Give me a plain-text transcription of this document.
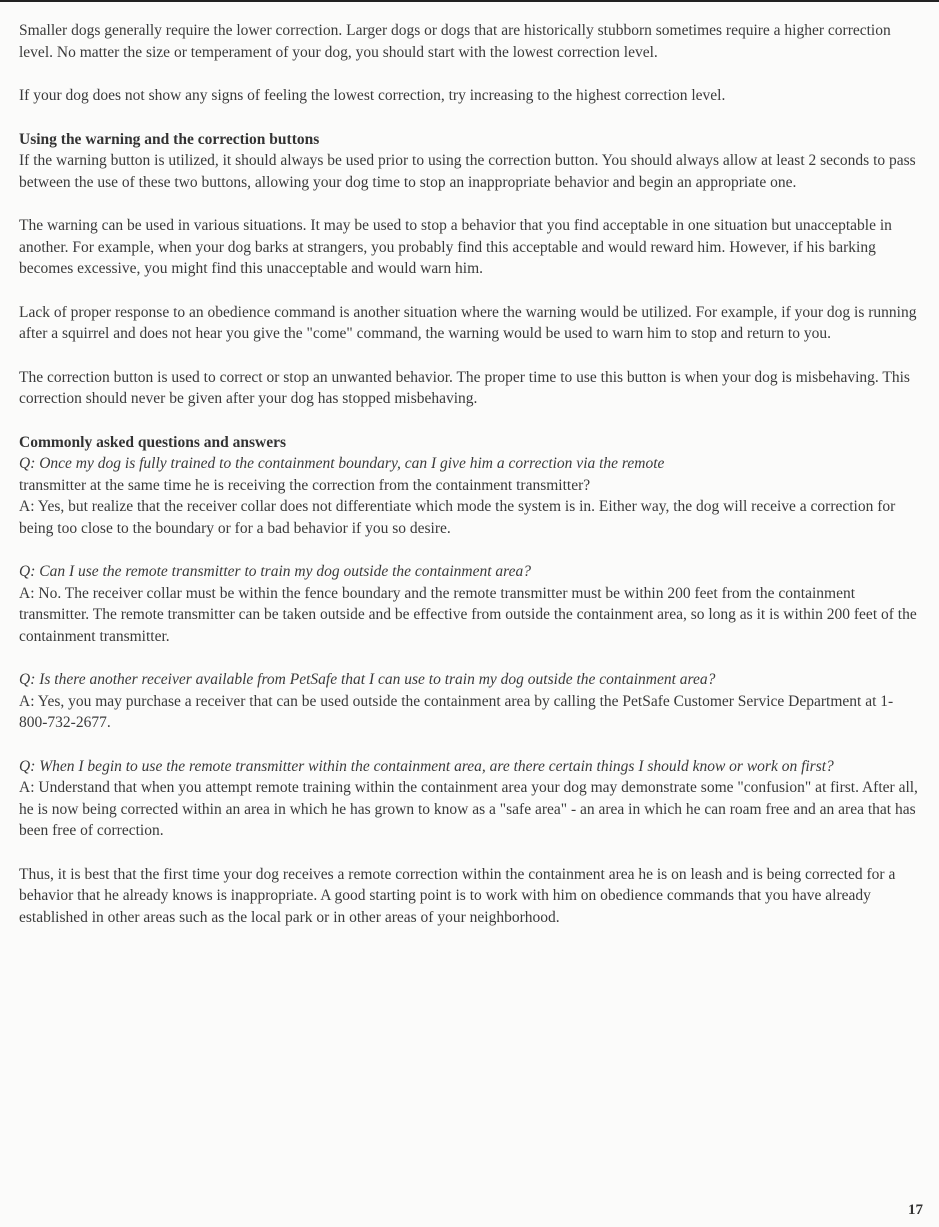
Smaller dogs generally require the lower correction. Larger dogs or dogs that are historically stubborn sometimes require a higher correction level. No matter the size or temperament of your dog, you should start with the lowest correction level.

If your dog does not show any signs of feeling the lowest correction, try increasing to the highest correction level.

Using the warning and the correction buttons

If the warning button is utilized, it should always be used prior to using the correction button. You should always allow at least 2 seconds to pass between the use of these two buttons, allowing your dog time to stop an inappropriate behavior and begin an appropriate one.

The warning can be used in various situations. It may be used to stop a behavior that you find acceptable in one situation but unacceptable in another. For example, when your dog barks at strangers, you probably find this acceptable and would reward him. However, if his barking becomes excessive, you might find this unacceptable and would warn him.

Lack of proper response to an obedience command is another situation where the warning would be utilized. For example, if your dog is running after a squirrel and does not hear you give the "come" command, the warning would be used to warn him to stop and return to you.

The correction button is used to correct or stop an unwanted behavior. The proper time to use this button is when your dog is misbehaving. This correction should never be given after your dog has stopped misbehaving.

Commonly asked questions and answers
Q: Once my dog is fully trained to the containment boundary, can I give him a correction via the remote
transmitter at the same time he is receiving the correction from the containment transmitter?
A: Yes, but realize that the receiver collar does not differentiate which mode the system is in. Either way, the dog will receive a correction for being too close to the boundary or for a bad behavior if you so desire.
Q: Can I use the remote transmitter to train my dog outside the containment area?
A: No. The receiver collar must be within the fence boundary and the remote transmitter must be within 200 feet from the containment transmitter. The remote transmitter can be taken outside and be effective from outside the containment area, so long as it is within 200 feet of the containment transmitter.
Q: Is there another receiver available from PetSafe that I can use to train my dog outside the containment area?
A: Yes, you may purchase a receiver that can be used outside the containment area by calling the PetSafe Customer Service Department at 1-800-732-2677.
Q: When I begin to use the remote transmitter within the containment area, are there certain things I should know or work on first?
A: Understand that when you attempt remote training within the containment area your dog may demonstrate some "confusion" at first. After all, he is now being corrected within an area in which he has grown to know as a "safe area" - an area in which he can roam free and an area that has been free of correction.

Thus, it is best that the first time your dog receives a remote correction within the containment area he is on leash and is being corrected for a behavior that he already knows is inappropriate. A good starting point is to work with him on obedience commands that you have already established in other areas such as the local park or in other areas of your neighborhood.

17
